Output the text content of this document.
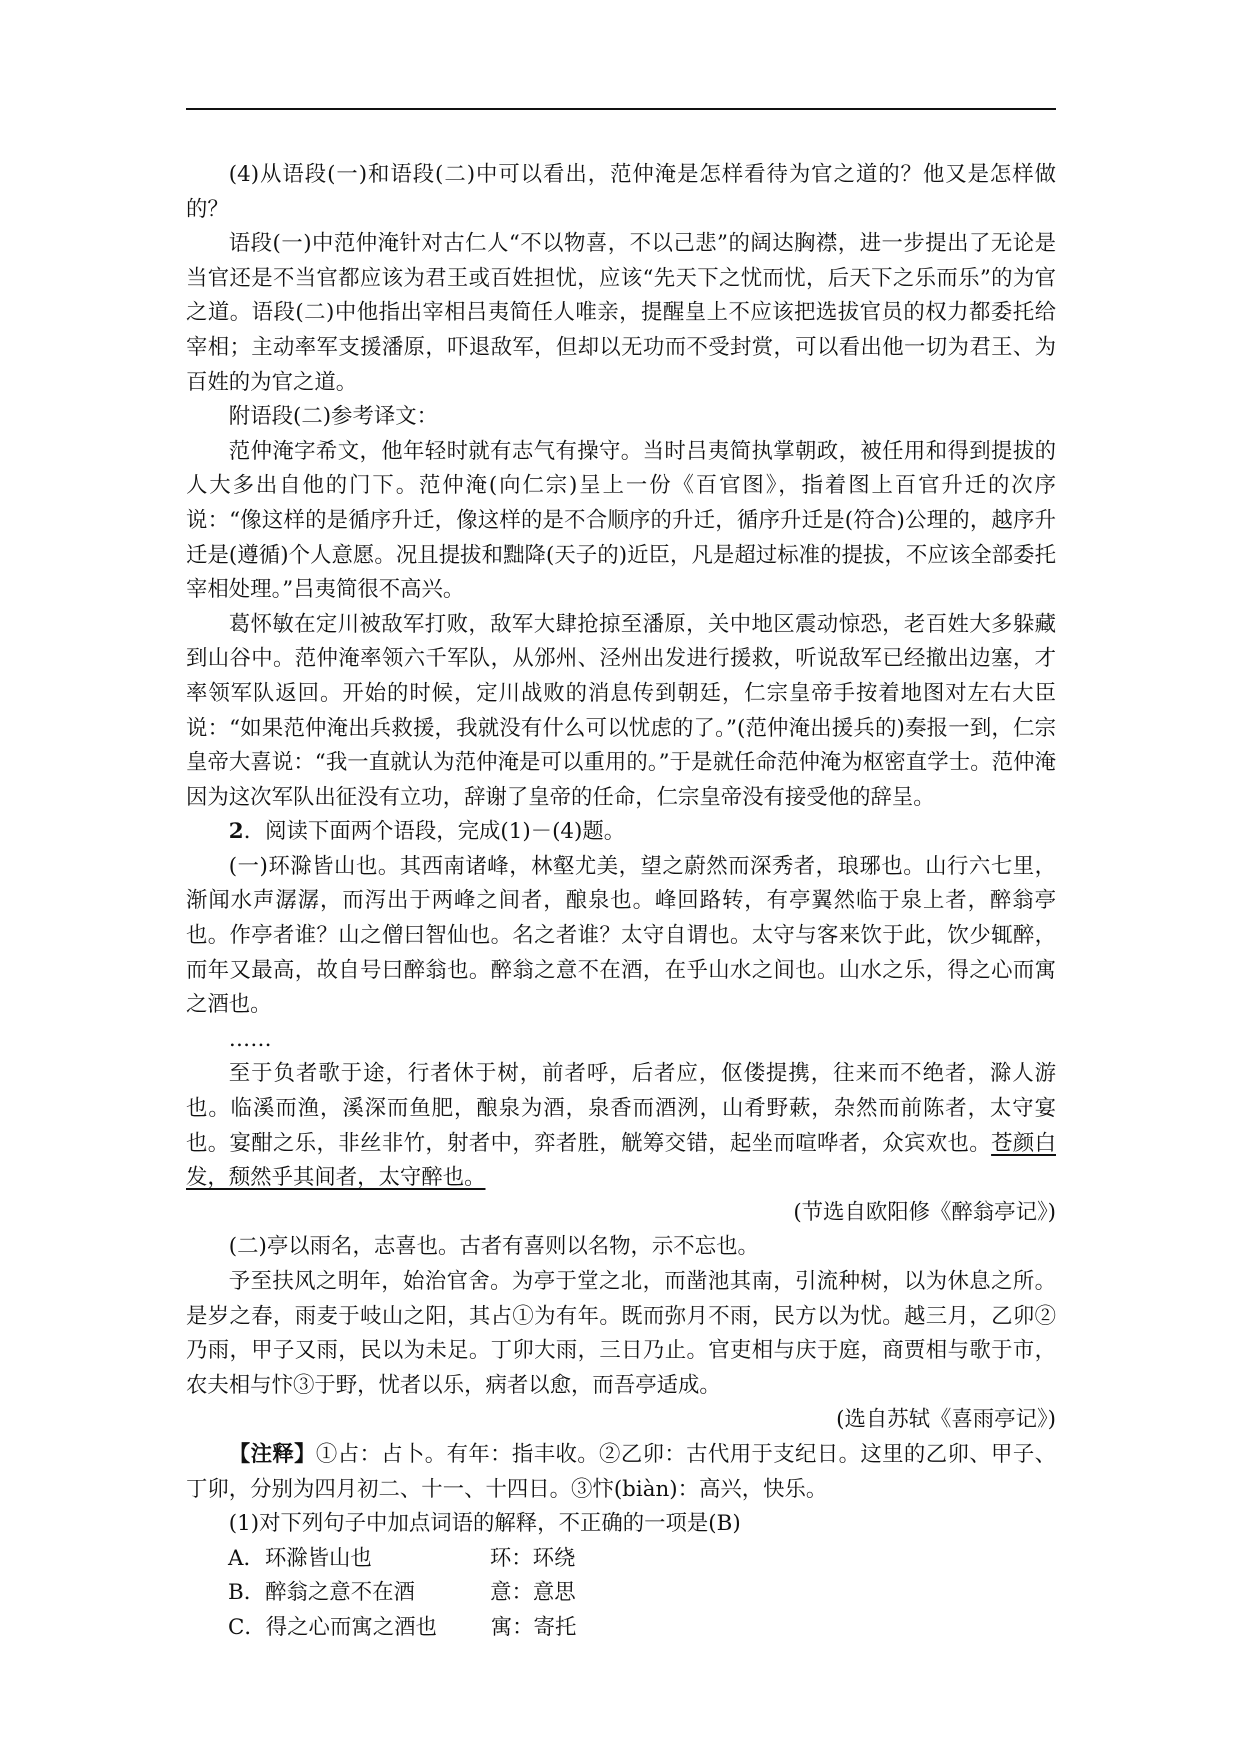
(4)从语段(一)和语段(二)中可以看出，范仲淹是怎样看待为官之道的？他又是怎样做的？

语段(一)中范仲淹针对古仁人“不以物喜，不以己悲”的阔达胸襟，进一步提出了无论是当官还是不当官都应该为君王或百姓担忧，应该“先天下之忧而忧，后天下之乐而乐”的为官之道。语段(二)中他指出宰相吕夷简任人唯亲，提醒皇上不应该把选拔官员的权力都委托给宰相；主动率军支援潘原，吓退敌军，但却以无功而不受封赏，可以看出他一切为君王、为百姓的为官之道。

附语段(二)参考译文：

范仲淹字希文，他年轻时就有志气有操守。当时吕夷简执掌朝政，被任用和得到提拔的人大多出自他的门下。范仲淹(向仁宗)呈上一份《百官图》，指着图上百官升迁的次序说：“像这样的是循序升迁，像这样的是不合顺序的升迁，循序升迁是(符合)公理的，越序升迁是(遵循)个人意愿。况且提拔和黜降(天子的)近臣，凡是超过标准的提拔，不应该全部委托宰相处理。”吕夷简很不高兴。

葛怀敏在定川被敌军打败，敌军大肆抢掠至潘原，关中地区震动惊恐，老百姓大多躲藏到山谷中。范仲淹率领六千军队，从邠州、泾州出发进行援救，听说敌军已经撤出边塞，才率领军队返回。开始的时候，定川战败的消息传到朝廷，仁宗皇帝手按着地图对左右大臣说：“如果范仲淹出兵救援，我就没有什么可以忧虑的了。”(范仲淹出援兵的)奏报一到，仁宗皇帝大喜说：“我一直就认为范仲淹是可以重用的。”于是就任命范仲淹为枢密直学士。范仲淹因为这次军队出征没有立功，辞谢了皇帝的任命，仁宗皇帝没有接受他的辞呈。

2．阅读下面两个语段，完成(1)－(4)题。

(一)环滁皆山也。其西南诸峰，林壑尤美，望之蔚然而深秀者，琅琊也。山行六七里，渐闻水声潺潺，而泻出于两峰之间者，酿泉也。峰回路转，有亭翼然临于泉上者，醉翁亭也。作亭者谁？山之僧曰智仙也。名之者谁？太守自谓也。太守与客来饮于此，饮少辄醉，而年又最高，故自号曰醉翁也。醉翁之意不在酒，在乎山水之间也。山水之乐，得之心而寓之酒也。

……

至于负者歌于途，行者休于树，前者呼，后者应，伛偻提携，往来而不绝者，滁人游也。临溪而渔，溪深而鱼肥，酿泉为酒，泉香而酒洌，山肴野蔌，杂然而前陈者，太守宴也。宴酣之乐，非丝非竹，射者中，弈者胜，觥筹交错，起坐而喧哗者，众宾欢也。苍颜白发，颓然乎其间者，太守醉也。

(节选自欧阳修《醉翁亭记》)

(二)亭以雨名，志喜也。古者有喜则以名物，示不忘也。

予至扶风之明年，始治官舍。为亭于堂之北，而凿池其南，引流种树，以为休息之所。是岁之春，雨麦于岐山之阳，其占①为有年。既而弥月不雨，民方以为忧。越三月，乙卯②乃雨，甲子又雨，民以为未足。丁卯大雨，三日乃止。官吏相与庆于庭，商贾相与歌于市，农夫相与忭③于野，忧者以乐，病者以愈，而吾亭适成。

(选自苏轼《喜雨亭记》)

【注释】①占：占卜。有年：指丰收。②乙卯：古代用于支纪日。这里的乙卯、甲子、丁卯，分别为四月初二、十一、十四日。③忭(biàn)：高兴，快乐。

(1)对下列句子中加点词语的解释，不正确的一项是(B)

A．环滁皆山也	环：环绕

B．醉翁之意不在酒	意：意思

C．得之心而寓之酒也	寓：寄托
